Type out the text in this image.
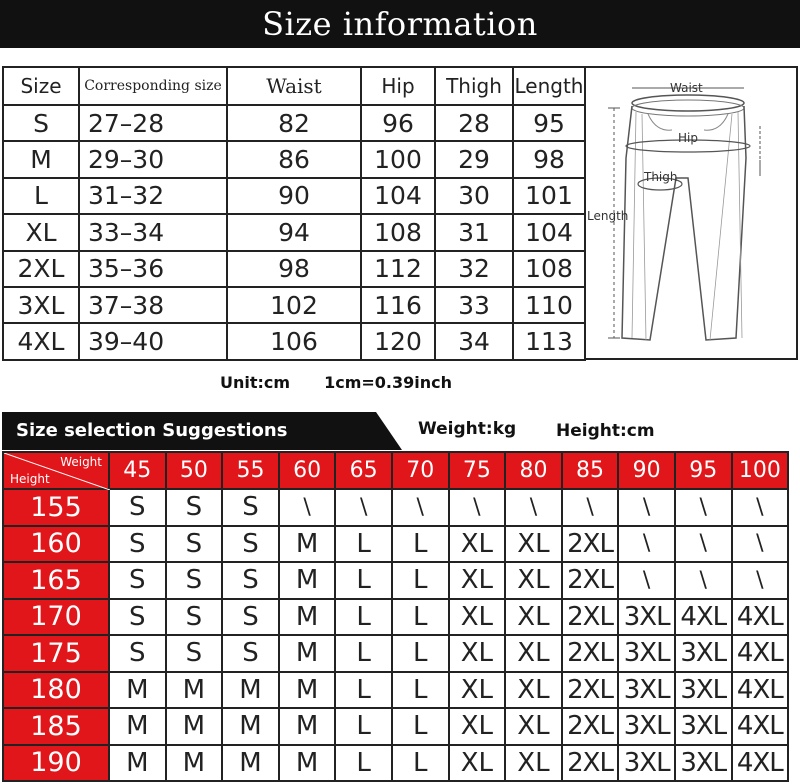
Size information
Size	Corresponding size	Waist	Hip	Thigh	Length
S	27–28	82	96	28	95
M	29–30	86	100	29	98
L	31–32	90	104	30	101
XL	33–34	94	108	31	104
2XL	35–36	98	112	32	108
3XL	37–38	102	116	33	110
4XL	39–40	106	120	34	113
Waist
Hip
Thigh
Length
Unit:cm 1cm=0.39inch
Size selection Suggestions	Weight:kg Height:cm
Weight
Height	45	50	55	60	65	70	75	80	85	90	95	100
155	S	S	S	\	\	\	\	\	\	\	\	\
160	S	S	S	M	L	L	XL	XL	2XL	\	\	\
165	S	S	S	M	L	L	XL	XL	2XL	\	\	\
170	S	S	S	M	L	L	XL	XL	2XL	3XL	4XL	4XL
175	S	S	S	M	L	L	XL	XL	2XL	3XL	3XL	4XL
180	M	M	M	M	L	L	XL	XL	2XL	3XL	3XL	4XL
185	M	M	M	M	L	L	XL	XL	2XL	3XL	3XL	4XL
190	M	M	M	M	L	L	XL	XL	2XL	3XL	3XL	4XL
